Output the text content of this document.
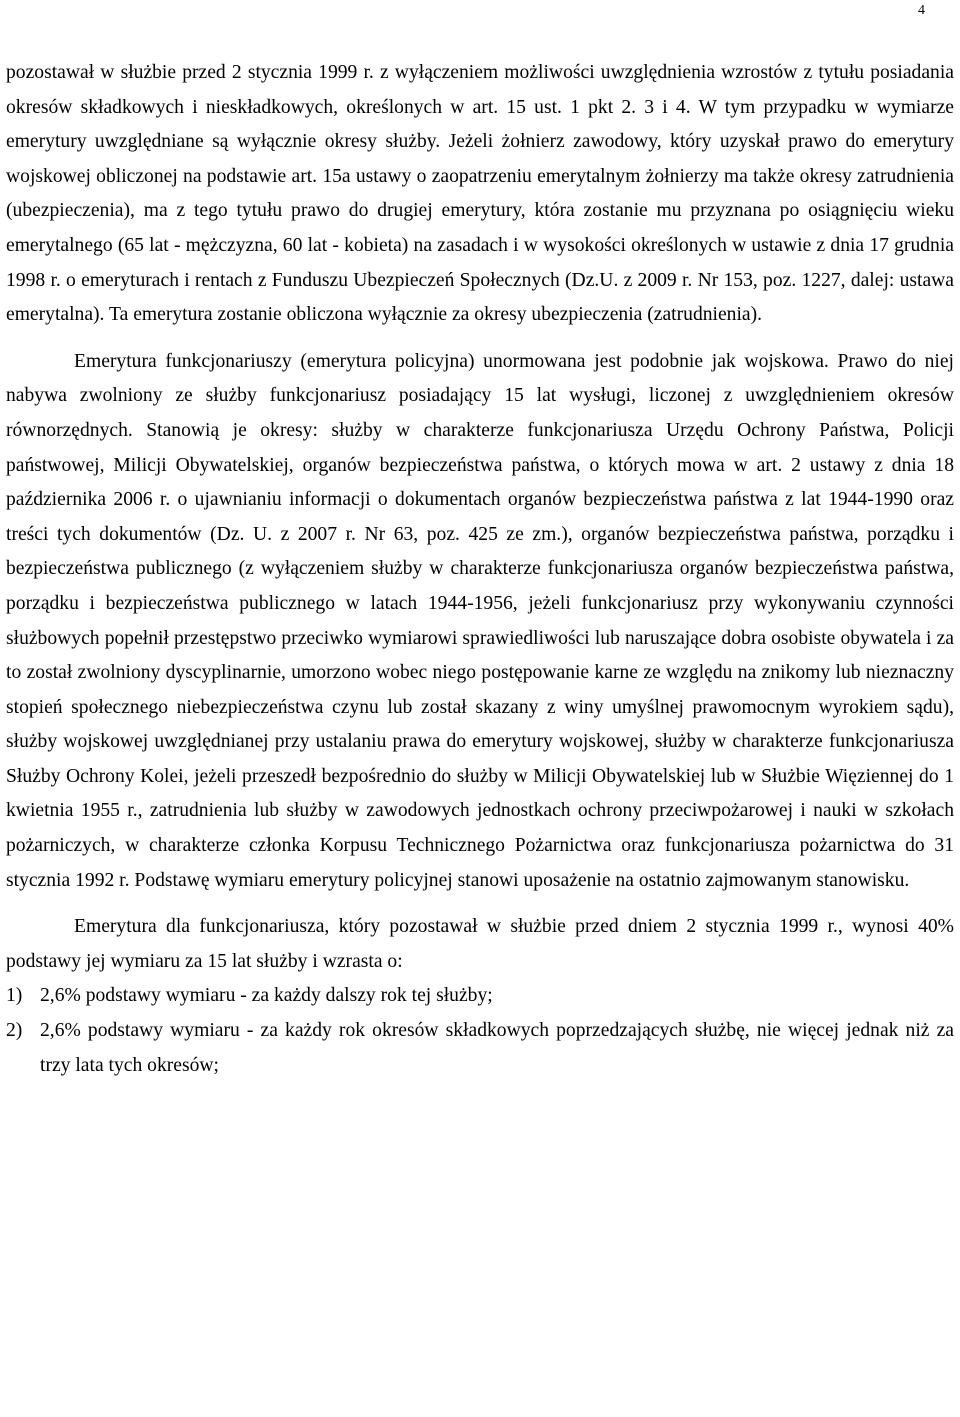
4

pozostawał w służbie przed 2 stycznia 1999 r. z wyłączeniem możliwości uwzględnienia wzrostów z tytułu posiadania okresów składkowych i nieskładkowych, określonych w art. 15 ust. 1 pkt 2. 3 i 4. W tym przypadku w wymiarze emerytury uwzględniane są wyłącznie okresy służby. Jeżeli żołnierz zawodowy, który uzyskał prawo do emerytury wojskowej obliczonej na podstawie art. 15a ustawy o zaopatrzeniu emerytalnym żołnierzy ma także okresy zatrudnienia (ubezpieczenia), ma z tego tytułu prawo do drugiej emerytury, która zostanie mu przyznana po osiągnięciu wieku emerytalnego (65 lat - mężczyzna, 60 lat - kobieta) na zasadach i w wysokości określonych w ustawie z dnia 17 grudnia 1998 r. o emeryturach i rentach z Funduszu Ubezpieczeń Społecznych (Dz.U. z 2009 r. Nr 153, poz. 1227, dalej: ustawa emerytalna). Ta emerytura zostanie obliczona wyłącznie za okresy ubezpieczenia (zatrudnienia).

Emerytura funkcjonariuszy (emerytura policyjna) unormowana jest podobnie jak wojskowa. Prawo do niej nabywa zwolniony ze służby funkcjonariusz posiadający 15 lat wysługi, liczonej z uwzględnieniem okresów równorzędnych. Stanowią je okresy: służby w charakterze funkcjonariusza Urzędu Ochrony Państwa, Policji państwowej, Milicji Obywatelskiej, organów bezpieczeństwa państwa, o których mowa w art. 2 ustawy z dnia 18 października 2006 r. o ujawnianiu informacji o dokumentach organów bezpieczeństwa państwa z lat 1944-1990 oraz treści tych dokumentów (Dz. U. z 2007 r. Nr 63, poz. 425 ze zm.), organów bezpieczeństwa państwa, porządku i bezpieczeństwa publicznego (z wyłączeniem służby w charakterze funkcjonariusza organów bezpieczeństwa państwa, porządku i bezpieczeństwa publicznego w latach 1944-1956, jeżeli funkcjonariusz przy wykonywaniu czynności służbowych popełnił przestępstwo przeciwko wymiarowi sprawiedliwości lub naruszające dobra osobiste obywatela i za to został zwolniony dyscyplinarnie, umorzono wobec niego postępowanie karne ze względu na znikomy lub nieznaczny stopień społecznego niebezpieczeństwa czynu lub został skazany z winy umyślnej prawomocnym wyrokiem sądu), służby wojskowej uwzględnianej przy ustalaniu prawa do emerytury wojskowej, służby w charakterze funkcjonariusza Służby Ochrony Kolei, jeżeli przeszedł bezpośrednio do służby w Milicji Obywatelskiej lub w Służbie Więziennej do 1 kwietnia 1955 r., zatrudnienia lub służby w zawodowych jednostkach ochrony przeciwpożarowej i nauki w szkołach pożarniczych, w charakterze członka Korpusu Technicznego Pożarnictwa oraz funkcjonariusza pożarnictwa do 31 stycznia 1992 r. Podstawę wymiaru emerytury policyjnej stanowi uposażenie na ostatnio zajmowanym stanowisku.

Emerytura dla funkcjonariusza, który pozostawał w służbie przed dniem 2 stycznia 1999 r., wynosi 40% podstawy jej wymiaru za 15 lat służby i wzrasta o:

1) 2,6% podstawy wymiaru - za każdy dalszy rok tej służby;
2) 2,6% podstawy wymiaru - za każdy rok okresów składkowych poprzedzających służbę, nie więcej jednak niż za trzy lata tych okresów;
